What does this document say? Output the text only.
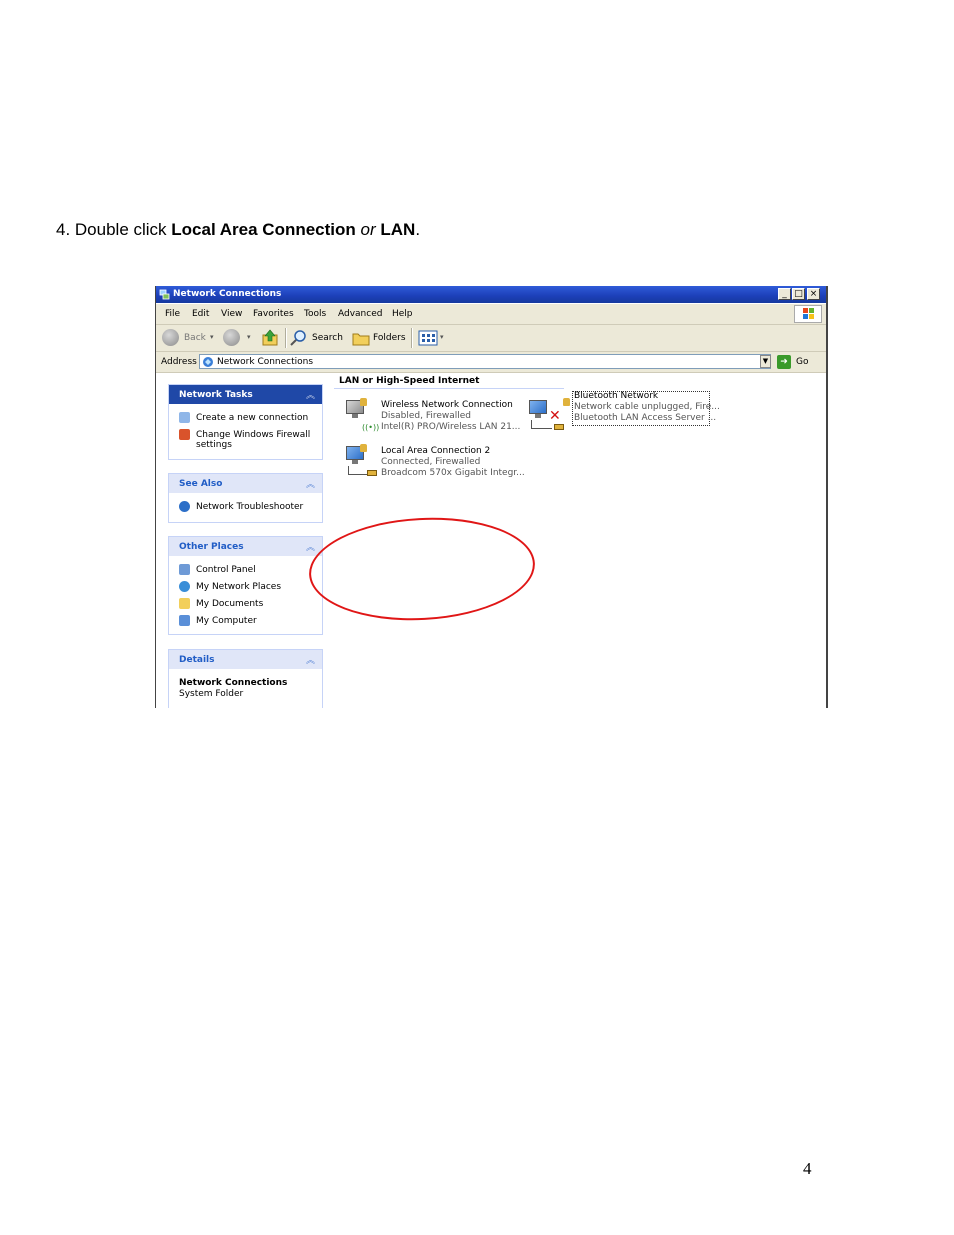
4. Double click Local Area Connection or LAN.
Network Connections	_ □ ×
File Edit View Favorites Tools Advanced Help
Back ▾	▾	Search	Folders	▾
Address Network Connections	▼	➜ Go
Network Tasks	︽
Create a new connection
Change Windows Firewall
settings
See Also	︽
Network Troubleshooter
Other Places	︽
Control Panel
My Network Places
My Documents
My Computer
Details	︽
Network Connections
System Folder
LAN or High-Speed Internet
((•))
Wireless Network Connection
Disabled, Firewalled
Intel(R) PRO/Wireless LAN 21...
✕
Bluetooth Network
Network cable unplugged, Fire...
Bluetooth LAN Access Server ...
Local Area Connection 2
Connected, Firewalled
Broadcom 570x Gigabit Integr...
4
